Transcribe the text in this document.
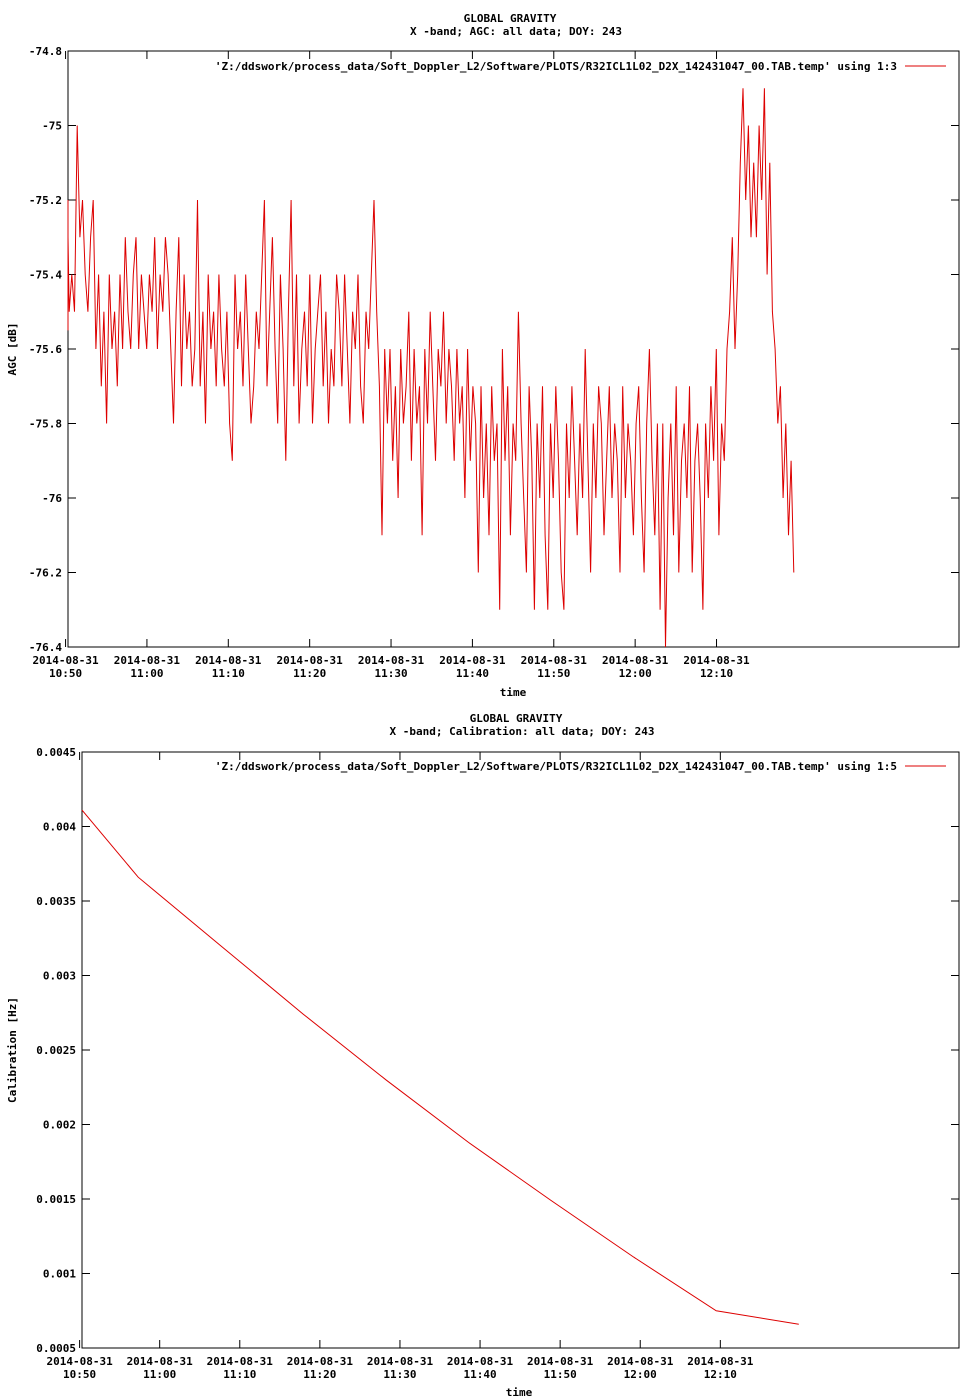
GLOBAL GRAVITY
X -band; AGC: all data; DOY: 243
-74.8
-75
-75.2
-75.4
-75.6
-75.8
-76
-76.2
-76.4
2014-08-31
10:50
2014-08-31
11:00
2014-08-31
11:10
2014-08-31
11:20
2014-08-31
11:30
2014-08-31
11:40
2014-08-31
11:50
2014-08-31
12:00
2014-08-31
12:10
AGC [dB]
time
'Z:/ddswork/process_data/Soft_Doppler_L2/Software/PLOTS/R32ICL1L02_D2X_142431047_00.TAB.temp' using 1:3
GLOBAL GRAVITY
X -band; Calibration: all data; DOY: 243
0.0045
0.004
0.0035
0.003
0.0025
0.002
0.0015
0.001
0.0005
2014-08-31
10:50
2014-08-31
11:00
2014-08-31
11:10
2014-08-31
11:20
2014-08-31
11:30
2014-08-31
11:40
2014-08-31
11:50
2014-08-31
12:00
2014-08-31
12:10
Calibration [Hz]
time
'Z:/ddswork/process_data/Soft_Doppler_L2/Software/PLOTS/R32ICL1L02_D2X_142431047_00.TAB.temp' using 1:5
